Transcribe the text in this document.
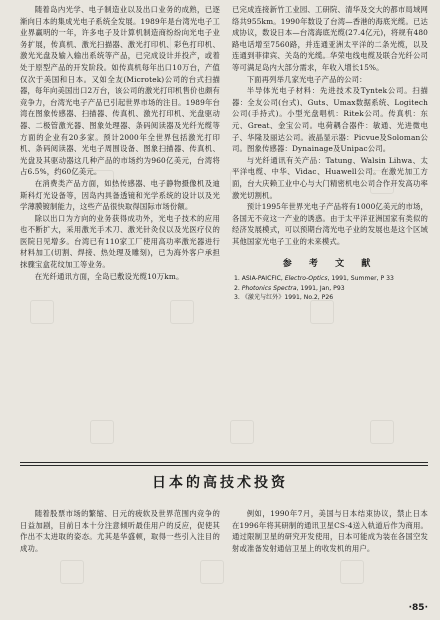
随着岛内光学、电子制造业以及出口业务的成熟，已逐渐向日本的集成光电子系统全发展。1989年是台湾光电子工业界赢明的一年，许多电子及计算机制造商纷纷向光电子业务扩展，传真机、激光扫描器、激光打印机、彩色打印机、激光光盘及输入输出系统等产品，已完成设计并投产，或着处于原型产品的开发阶段。如传真机每年出口10万台，产值仅次于美国和日本。又如全友(Microtek)公司的台式扫描器，每年向美国出口2万台，该公司的激光打印机售价也颇有竞争力，台湾光电子产品已引起世界市场的注目。1989年台湾在图象传感器、扫描器、传真机、激光打印机、光盘驱动器、二极管激光器、图象处理器、条码阅读器及光纤光缆等方面的企业有20多家。预计2000年全世界包括激光打印机、条码阅读器、光电子周围设备、图象扫描器、传真机、光盘及其驱动器这几种产品的市场约为960亿美元，台湾将占6.5%，约60亿美元。

在消费类产品方面，如热传感器、电子静物摄像机及迪斯科灯光设备等，因岛内具备透镜和光学系统的设计以及光学薄膜镀制能力，这些产品很快取得国际市场份额。

除以出口为方向的业务获得成功外，光电子技术的应用也不断扩大，采用激光手术刀、激光针灸仪以及光医疗仪的医院日见增多。台湾已有110家工厂使用高功率激光器进行材料加工(切割、焊接、热处理及雕刻)，已为海外客户承担抹骤宝盒花纹加工等业务。

在光纤通讯方面，全岛已敷设光缆10万km。

已完成连接新竹工业园、工研院、清华及交大的都市局域网络共955km。1990年数设了台湾—香港的海底光缆。已达成协议，数设日本—台湾海底光缆(27.4亿元)，将规有480路电话增至7560路，并连通亚洲太平洋的二条光缆，以及连通到菲律宾、关岛的光缆。华荣电线电缆及联合光纤公司等可满足岛内大部分需求，年收入增长15%。

下面再列举几家光电子产品的公司：

半导体光电子材料：先进技术及Tyntek公司。扫描器：全友公司(台式)、Guts、Umax数据系统、Logitech公司(手持式)。小型光盘唱机：Ritek公司。传真机：东元、Great、金宝公司。电荷耦合器件：敏通、光进微电子、华隆及丽达公司。液晶显示器：Picvue及Soloman公司。图象传感器：Dynainage及Unipac公司。

与光纤通讯有关产品：Tatung、Walsin Lihwa、太平洋电缆、中华、Vidac、Huawell公司。在激光加工方面，台大庆赖工业中心与大门精密机电公司合作开发高功率激光切割机。

预计1995年世界光电子产品将有1000亿美元的市场，各国无不竞这一产业的诱惑。由于太平洋亚洲国家有类似的经济发展模式，可以预期台湾光电子业的发展也是这个区域其他国家光电子工业的未来模式。

参 考 文 献
1. ASIA-PAICFIC, Electro-Optics, 1991, Summer, P 33
2. Photonics Spectra, 1991, Jan, P93
3. 《激光与红外》1991, No.2, P26
日本的高技术投资

随着股票市场的繁缩、日元的疲软及世界范围内竞争的日益加剧，目前日本十分注意倾听最佳用户的反应，促使其作出不太进取的姿态。尤其是华盛顿，取得一些引入注目的成功。

例如，1990年7月，美国与日本结束协议，禁止日本在1996年将其研制的通讯卫星CS-4送入轨道后作为商用。通过限制卫星的研究开发使用，日本可能成为装在各国空发射或准备发射通信卫星上的收发机的用户。

·85·
